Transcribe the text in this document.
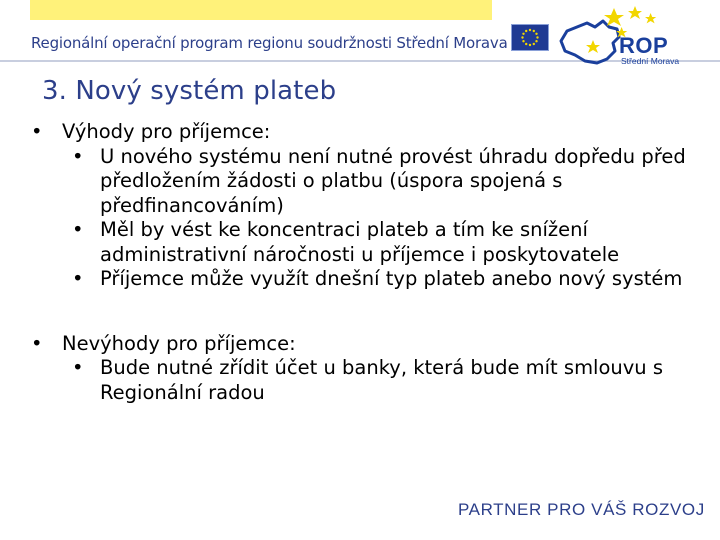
Regionální operační program regionu soudržnosti Střední Morava	ROP
Střední Morava
3. Nový systém plateb
• Výhody pro příjemce:
• U nového systému není nutné provést úhradu dopředu před předložením žádosti o platbu (úspora spojená s předfinancováním)
• Měl by vést ke koncentraci plateb a tím ke snížení administrativní náročnosti u příjemce i poskytovatele
• Příjemce může využít dnešní typ plateb anebo nový systém
• Nevýhody pro příjemce:
• Bude nutné zřídit účet u banky, která bude mít smlouvu s Regionální radou
PARTNER PRO VÁŠ ROZVOJ
